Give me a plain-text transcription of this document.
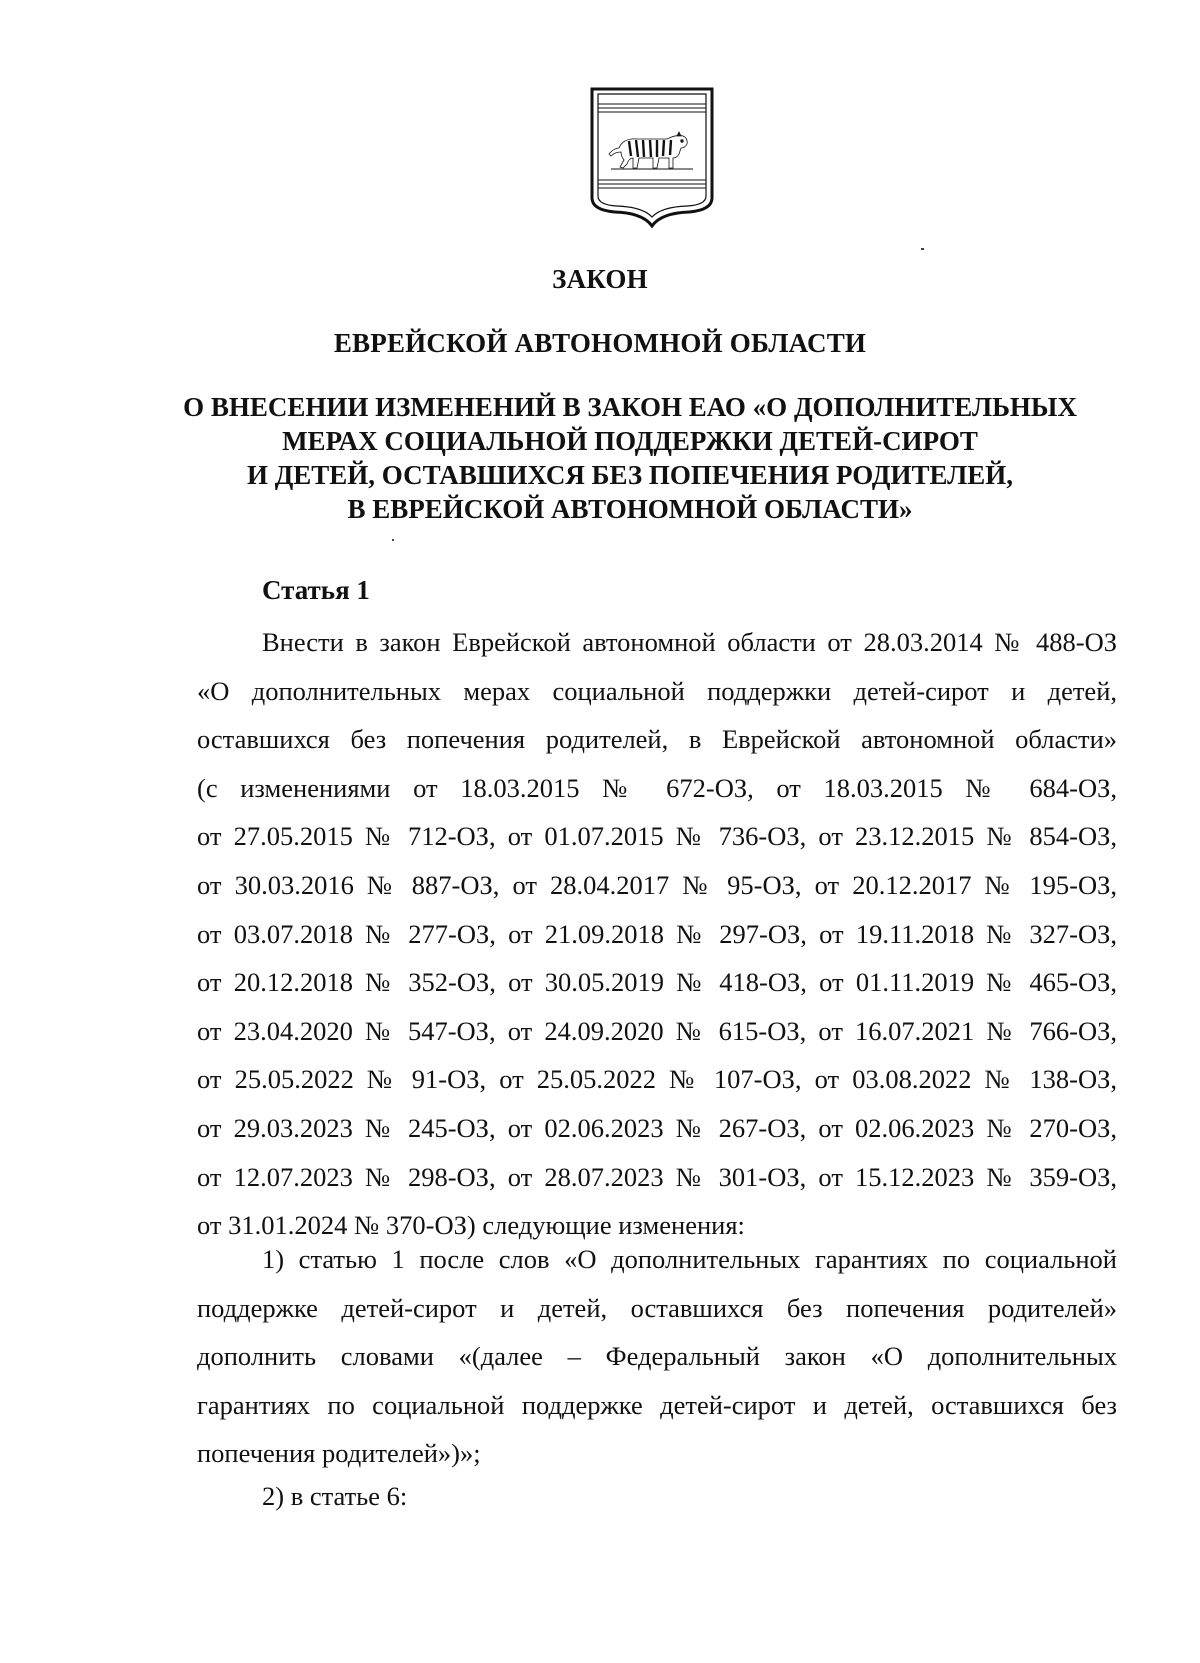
ЗАКОН
ЕВРЕЙСКОЙ АВТОНОМНОЙ ОБЛАСТИ
О ВНЕСЕНИИ ИЗМЕНЕНИЙ В ЗАКОН ЕАО «О ДОПОЛНИТЕЛЬНЫХ
МЕРАХ СОЦИАЛЬНОЙ ПОДДЕРЖКИ ДЕТЕЙ-СИРОТ
И ДЕТЕЙ, ОСТАВШИХСЯ БЕЗ ПОПЕЧЕНИЯ РОДИТЕЛЕЙ,
В ЕВРЕЙСКОЙ АВТОНОМНОЙ ОБЛАСТИ»
Статья 1
Внести в закон Еврейской автономной области от 28.03.2014 № 488-ОЗ
«О дополнительных мерах социальной поддержки детей-сирот и детей,
оставшихся без попечения родителей, в Еврейской автономной области»
(с изменениями от 18.03.2015 № 672-ОЗ, от 18.03.2015 № 684-ОЗ,
от 27.05.2015 № 712-ОЗ, от 01.07.2015 № 736-ОЗ, от 23.12.2015 № 854-ОЗ,
от 30.03.2016 № 887-ОЗ, от 28.04.2017 № 95-ОЗ, от 20.12.2017 № 195-ОЗ,
от 03.07.2018 № 277-ОЗ, от 21.09.2018 № 297-ОЗ, от 19.11.2018 № 327-ОЗ,
от 20.12.2018 № 352-ОЗ, от 30.05.2019 № 418-ОЗ, от 01.11.2019 № 465-ОЗ,
от 23.04.2020 № 547-ОЗ, от 24.09.2020 № 615-ОЗ, от 16.07.2021 № 766-ОЗ,
от 25.05.2022 № 91-ОЗ, от 25.05.2022 № 107-ОЗ, от 03.08.2022 № 138-ОЗ,
от 29.03.2023 № 245-ОЗ, от 02.06.2023 № 267-ОЗ, от 02.06.2023 № 270-ОЗ,
от 12.07.2023 № 298-ОЗ, от 28.07.2023 № 301-ОЗ, от 15.12.2023 № 359-ОЗ,
от 31.01.2024 № 370-ОЗ) следующие изменения:
1) статью 1 после слов «О дополнительных гарантиях по социальной
поддержке детей-сирот и детей, оставшихся без попечения родителей»
дополнить словами «(далее – Федеральный закон «О дополнительных
гарантиях по социальной поддержке детей-сирот и детей, оставшихся без
попечения родителей»)»;
2) в статье 6:
